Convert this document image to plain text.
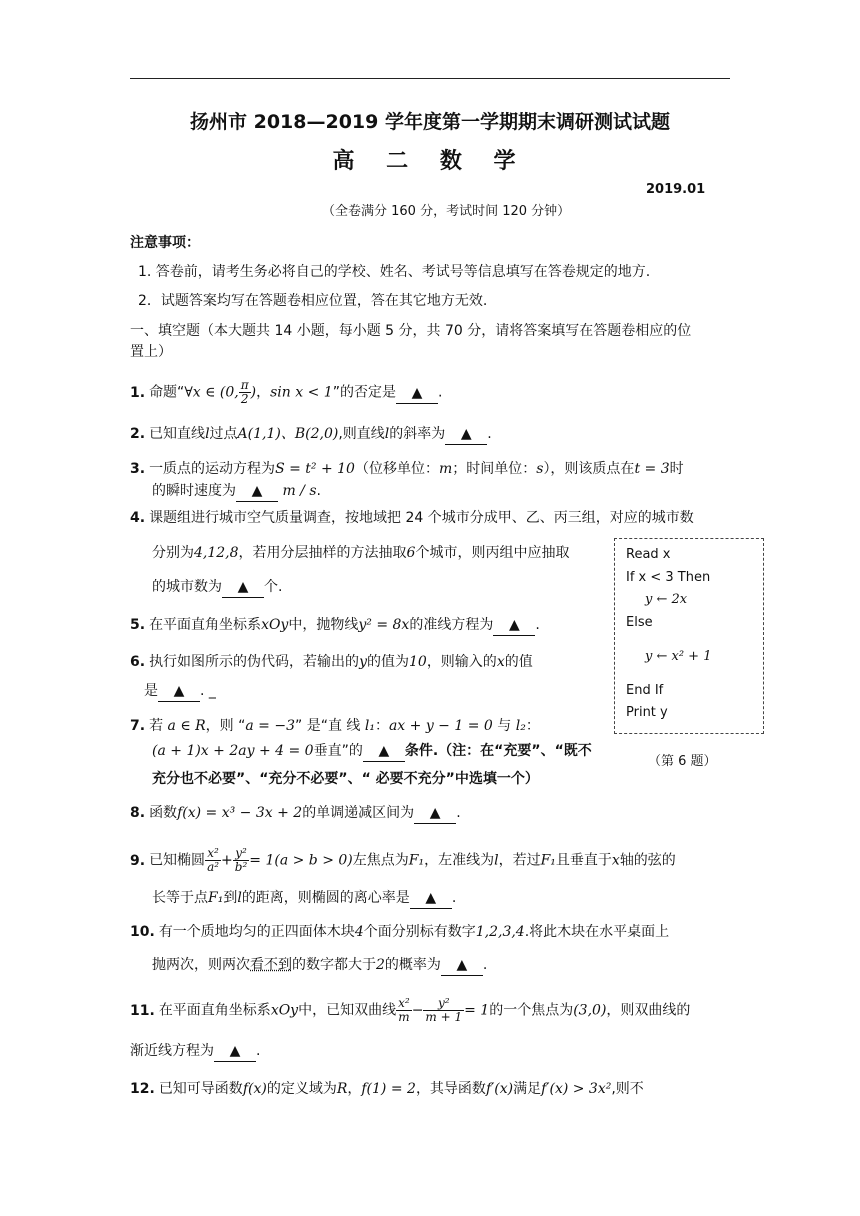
扬州市 2018—2019 学年度第一学期期末调研测试试题
高 二 数 学
2019.01
（全卷满分 160 分，考试时间 120 分钟）
注意事项：
1. 答卷前，请考生务必将自己的学校、姓名、考试号等信息填写在答卷规定的地方.
2．试题答案均写在答题卷相应位置，答在其它地方无效.
一、填空题（本大题共 14 小题，每小题 5 分，共 70 分，请将答案填写在答题卷相应的位
置上）
1. 命题“∀x ∈ (0, $\frac{\pi}{2}$ )，sin x < 1”的否定是 ▲ .
2. 已知直线l过点A(1,1)、B(2,0),则直线l的斜率为 ▲ .
3. 一质点的运动方程为S = t² + 10（位移单位：m；时间单位：s），则该质点在t = 3时
的瞬时速度为 ▲ m / s.
4. 课题组进行城市空气质量调查，按地域把 24 个城市分成甲、乙、丙三组，对应的城市数
分别为4,12,8，若用分层抽样的方法抽取6个城市，则丙组中应抽取
的城市数为 ▲ 个.
5. 在平面直角坐标系xOy中，抛物线y² = 8x的准线方程为 ▲ .
6. 执行如图所示的伪代码，若输出的y的值为10，则输入的x的值
是 ▲ . _
7. 若 a ∈ R，则 “a = −3” 是“直 线 l₁：ax + y − 1 = 0 与 l₂：
(a + 1)x + 2ay + 4 = 0垂直”的 ▲ 条件.（注：在“充要”、“既不
充分也不必要”、“充分不必要”、“ 必要不充分”中选填一个）
8. 函数f(x) = x³ − 3x + 2的单调递减区间为 ▲ .
9. 已知椭圆 $\frac{\text{x²}}{\text{a²}} + \frac{\text{y²}}{\text{b²}} = 1(a > b > 0)$左焦点为F₁，左准线为l，若过F₁且垂直于x轴的弦的
长等于点F₁到l的距离，则椭圆的离心率是 ▲ .
10. 有一个质地均匀的正四面体木块4个面分别标有数字1,2,3,4.将此木块在水平桌面上
抛两次，则两次看不到的数字都大于2的概率为 ▲ .
11. 在平面直角坐标系xOy中，已知双曲线 $\frac{\text{x²}}{m} - \frac{\text{y²}}{m + 1} = 1$的一个焦点为(3,0)，则双曲线的
渐近线方程为 ▲ .
12. 已知可导函数f(x)的定义域为R，f(1) = 2，其导函数f′(x)满足f′(x) > 3x²,则不
Read x
If x < 3 Then
y ← 2x
Else
y ← x² + 1
End If
Print y
（第 6 题）
